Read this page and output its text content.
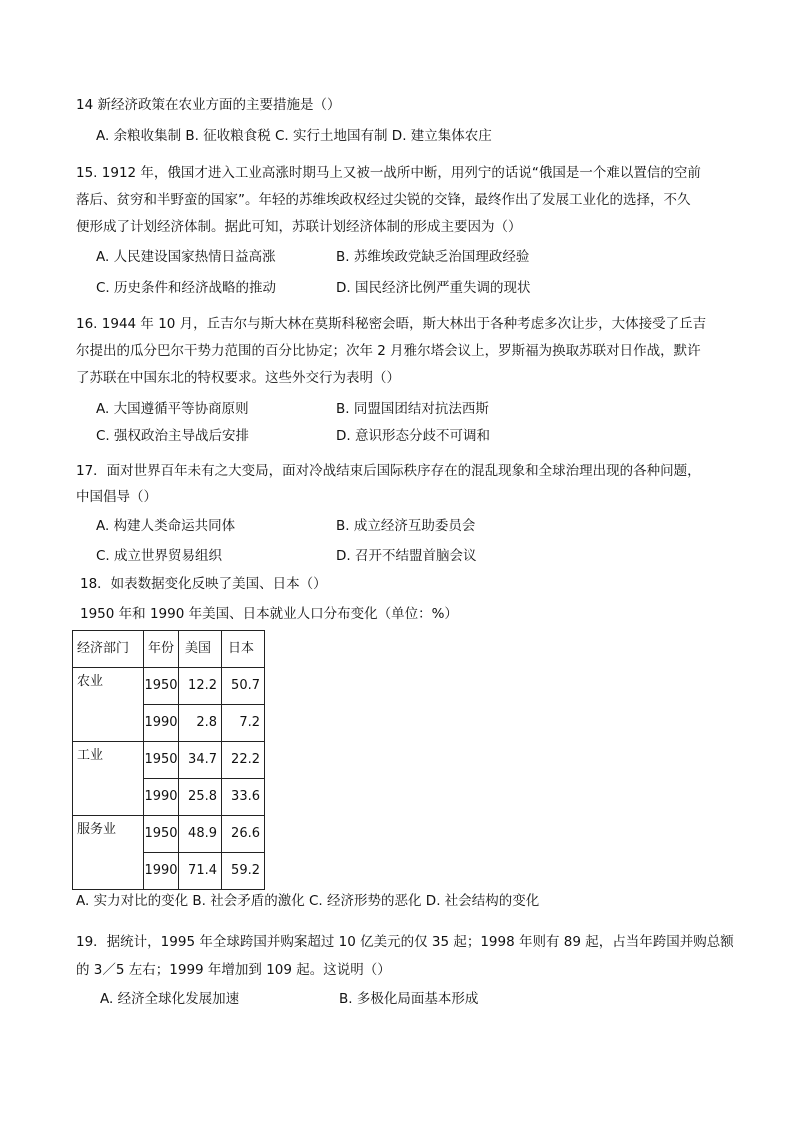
14 新经济政策在农业方面的主要措施是（）
A. 余粮收集制 B. 征收粮食税 C. 实行土地国有制 D. 建立集体农庄
15. 1912 年，俄国才进入工业高涨时期马上又被一战所中断，用列宁的话说“俄国是一个难以置信的空前
落后、贫穷和半野蛮的国家”。年轻的苏维埃政权经过尖锐的交锋，最终作出了发展工业化的选择，不久
便形成了计划经济体制。据此可知，苏联计划经济体制的形成主要因为（）
A. 人民建设国家热情日益高涨	B. 苏维埃政党缺乏治国理政经验
C. 历史条件和经济战略的推动	D. 国民经济比例严重失调的现状
16. 1944 年 10 月，丘吉尔与斯大林在莫斯科秘密会晤，斯大林出于各种考虑多次让步，大体接受了丘吉
尔提出的瓜分巴尔干势力范围的百分比协定；次年 2 月雅尔塔会议上，罗斯福为换取苏联对日作战，默许
了苏联在中国东北的特权要求。这些外交行为表明（）
A. 大国遵循平等协商原则	B. 同盟国团结对抗法西斯
C. 强权政治主导战后安排	D. 意识形态分歧不可调和
17．面对世界百年未有之大变局，面对冷战结束后国际秩序存在的混乱现象和全球治理出现的各种问题，
中国倡导（）
A. 构建人类命运共同体	B. 成立经济互助委员会
C. 成立世界贸易组织	D. 召开不结盟首脑会议
18．如表数据变化反映了美国、日本（）
1950 年和 1990 年美国、日本就业人口分布变化（单位：%）
经济部门	年份	美国	日本

农业	1950	12.2	50.7
	1990	2.8	7.2

工业	1950	34.7	22.2
	1990	25.8	33.6

服务业	1950	48.9	26.6
	1990	71.4	59.2
A. 实力对比的变化 B. 社会矛盾的激化 C. 经济形势的恶化 D. 社会结构的变化
19．据统计，1995 年全球跨国并购案超过 10 亿美元的仅 35 起；1998 年则有 89 起，占当年跨国并购总额
的 3／5 左右；1999 年增加到 109 起。这说明（）
A. 经济全球化发展加速	B. 多极化局面基本形成
